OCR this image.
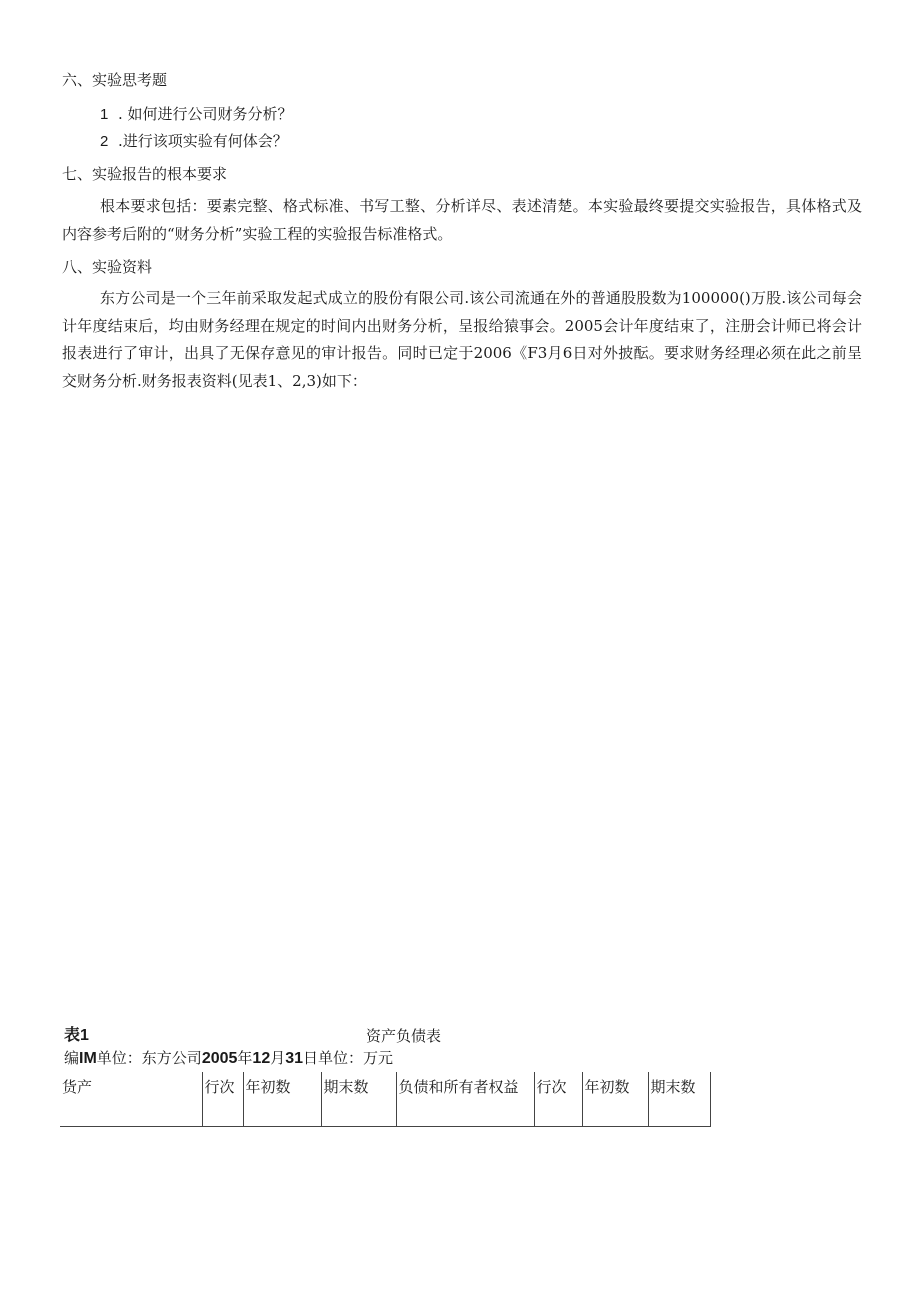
六、实验思考题
1 . 如何进行公司财务分析？
2 .进行该项实验有何体会？
七、实验报告的根本要求

根本要求包括：要素完整、格式标准、书写工整、分析详尽、表述清楚。本实验最终要提交实验报告，具体格式及内容参考后附的“财务分析”实验工程的实验报告标准格式。

八、实验资料

东方公司是一个三年前采取发起式成立的股份有限公司.该公司流通在外的普通股股数为100000()万股.该公司每会计年度结束后，均由财务经理在规定的时间内出财务分析，呈报给猿事会。2005会计年度结束了，注册会计师已将会计报表进行了审计，出具了无保存意见的审计报告。同时已定于2006《F3月6日对外披酝。要求财务经理必须在此之前呈交财务分析.财务报表资料(见表1、2,3)如下：

表1	资产负债表
编IM单位：东方公司2005年12月31日单位：万元
货产	行次	年初数	期末数	负债和所有者权益	行次	年初数	期末数
